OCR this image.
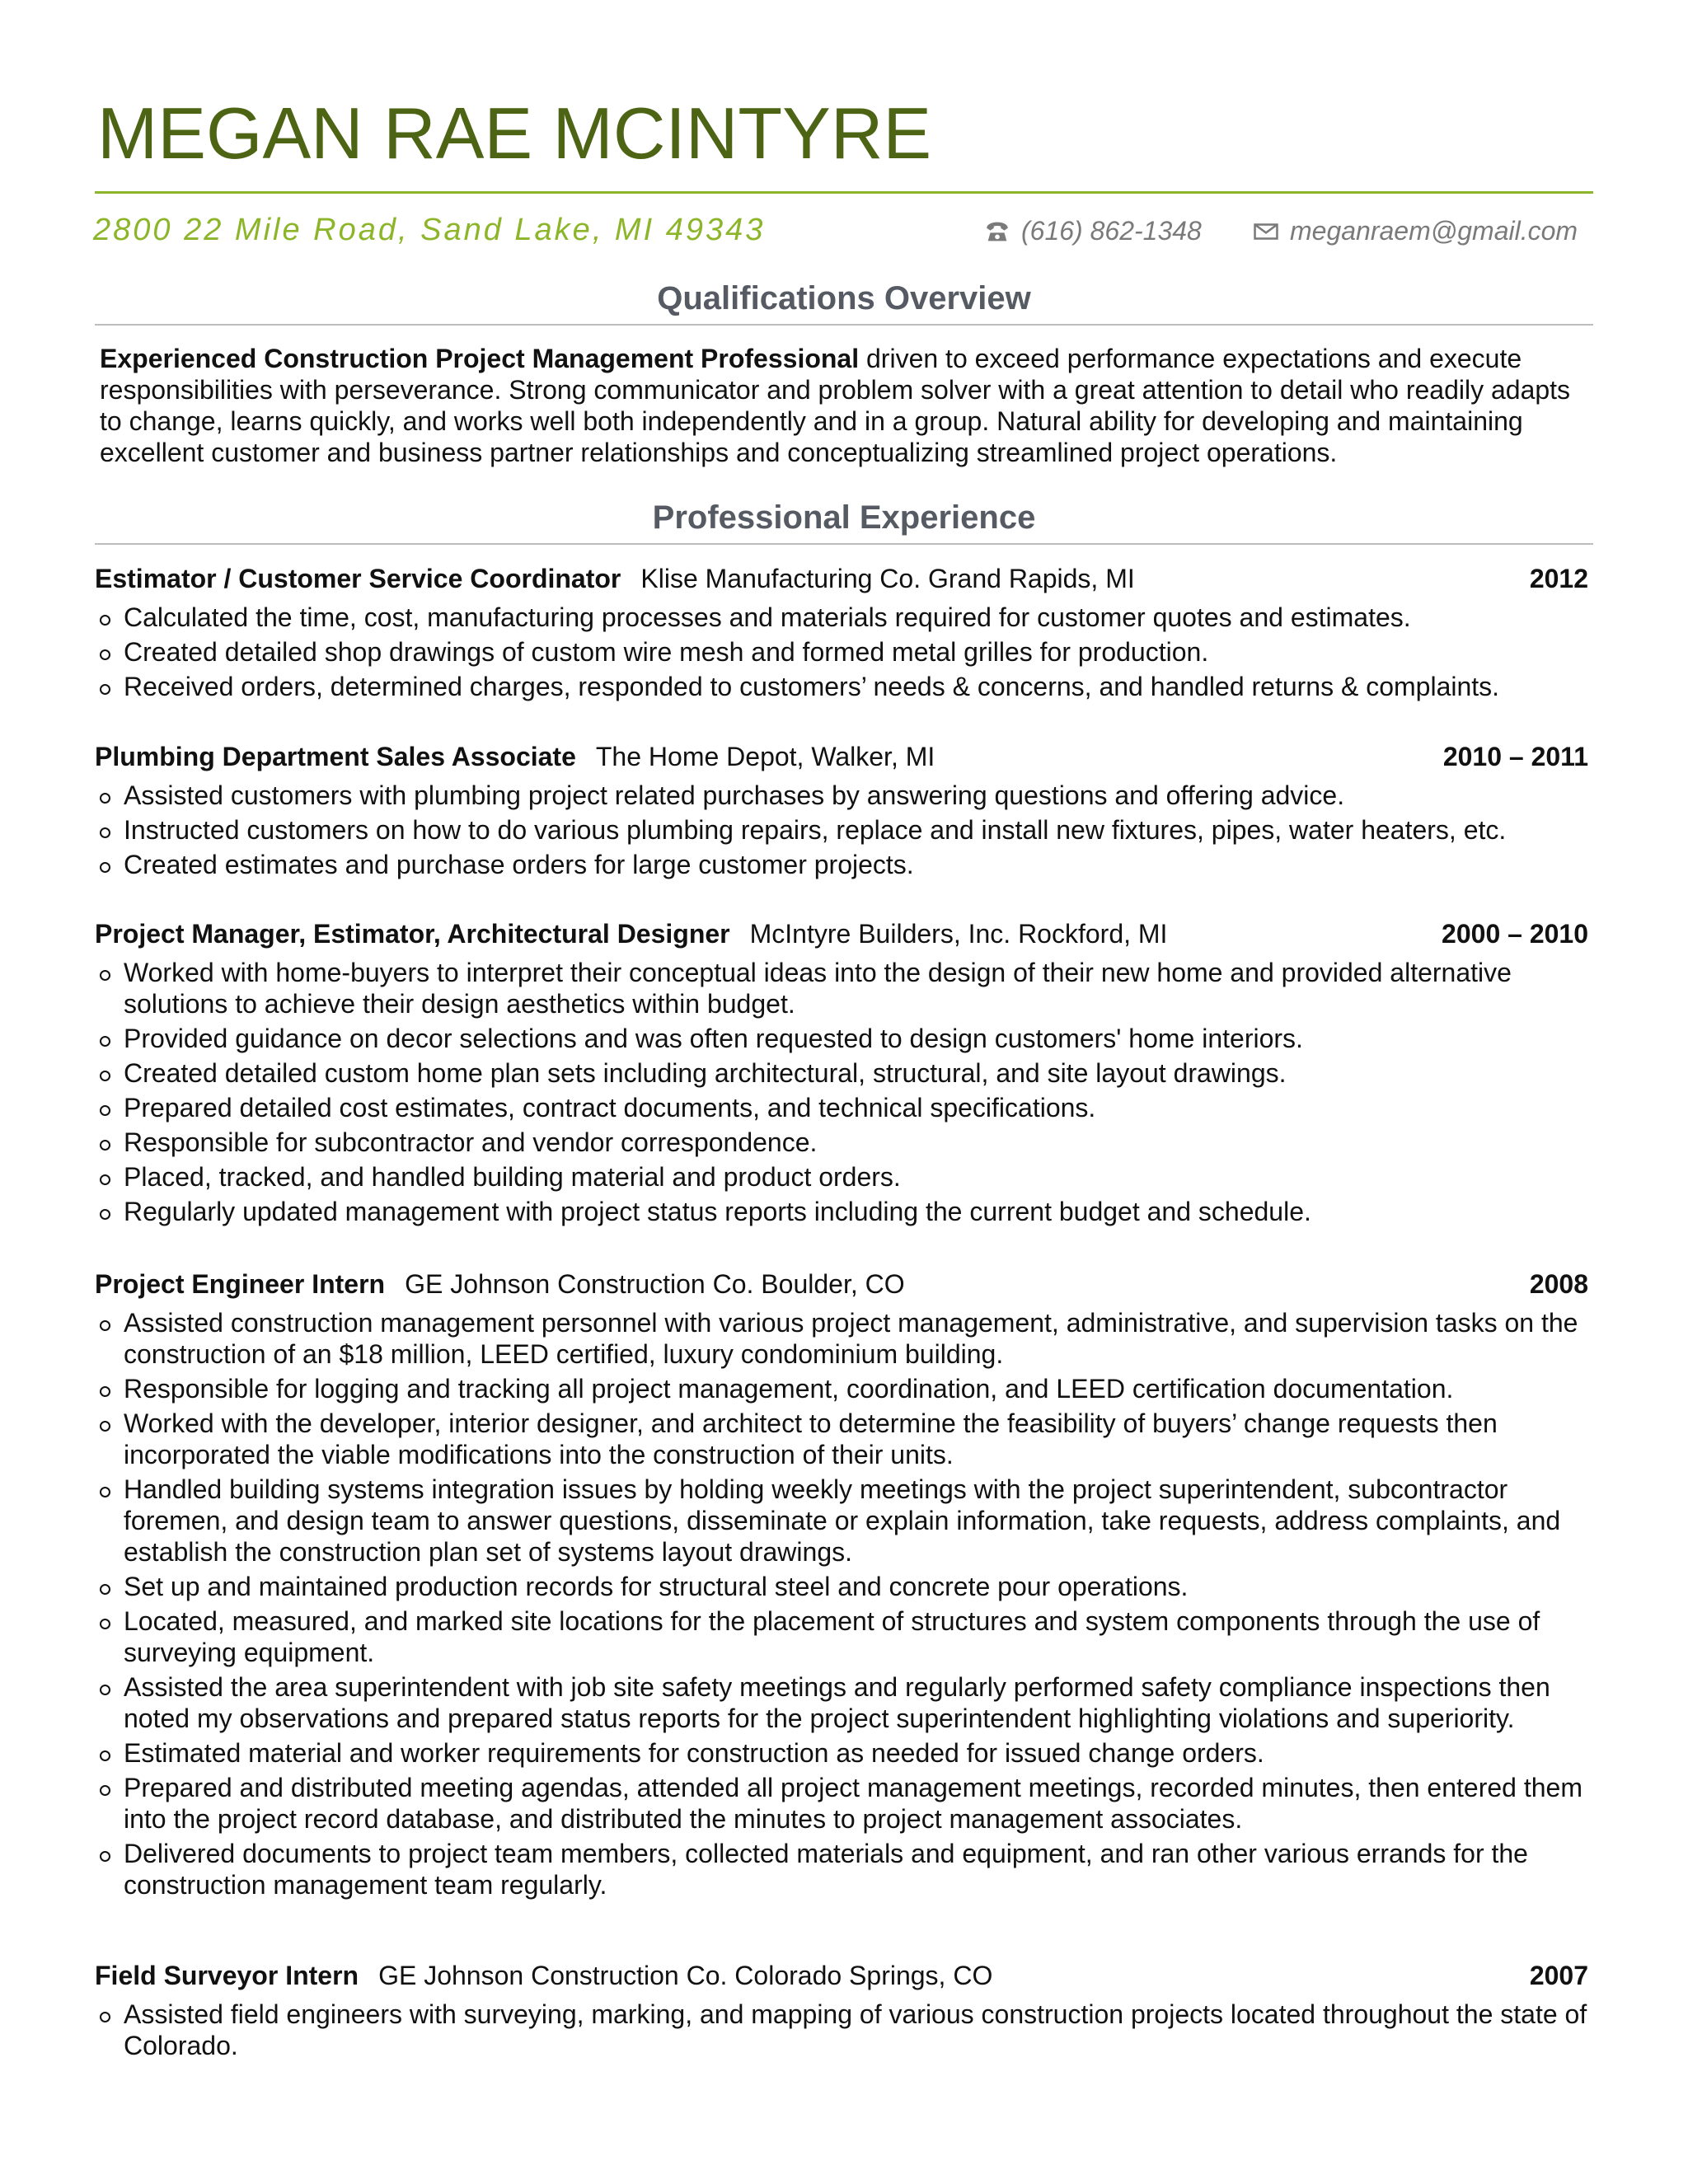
MEGAN RAE MCINTYRE
2800 22 Mile Road, Sand Lake, MI 49343	(616) 862-1348	meganraem@gmail.com
Qualifications Overview
Experienced Construction Project Management Professional driven to exceed performance expectations and execute responsibilities with perseverance. Strong communicator and problem solver with a great attention to detail who readily adapts to change, learns quickly, and works well both independently and in a group. Natural ability for developing and maintaining excellent customer and business partner relationships and conceptualizing streamlined project operations.
Professional Experience
Estimator / Customer Service Coordinator Klise Manufacturing Co. Grand Rapids, MI	2012
Calculated the time, cost, manufacturing processes and materials required for customer quotes and estimates.
Created detailed shop drawings of custom wire mesh and formed metal grilles for production.
Received orders, determined charges, responded to customers’ needs & concerns, and handled returns & complaints.
Plumbing Department Sales Associate The Home Depot, Walker, MI	2010 – 2011
Assisted customers with plumbing project related purchases by answering questions and offering advice.
Instructed customers on how to do various plumbing repairs, replace and install new fixtures, pipes, water heaters, etc.
Created estimates and purchase orders for large customer projects.
Project Manager, Estimator, Architectural Designer McIntyre Builders, Inc. Rockford, MI	2000 – 2010
Worked with home-buyers to interpret their conceptual ideas into the design of their new home and provided alternative solutions to achieve their design aesthetics within budget.
Provided guidance on decor selections and was often requested to design customers' home interiors.
Created detailed custom home plan sets including architectural, structural, and site layout drawings.
Prepared detailed cost estimates, contract documents, and technical specifications.
Responsible for subcontractor and vendor correspondence.
Placed, tracked, and handled building material and product orders.
Regularly updated management with project status reports including the current budget and schedule.
Project Engineer Intern GE Johnson Construction Co. Boulder, CO	2008
Assisted construction management personnel with various project management, administrative, and supervision tasks on the construction of an $18 million, LEED certified, luxury condominium building.
Responsible for logging and tracking all project management, coordination, and LEED certification documentation.
Worked with the developer, interior designer, and architect to determine the feasibility of buyers’ change requests then incorporated the viable modifications into the construction of their units.
Handled building systems integration issues by holding weekly meetings with the project superintendent, subcontractor foremen, and design team to answer questions, disseminate or explain information, take requests, address complaints, and establish the construction plan set of systems layout drawings.
Set up and maintained production records for structural steel and concrete pour operations.
Located, measured, and marked site locations for the placement of structures and system components through the use of surveying equipment.
Assisted the area superintendent with job site safety meetings and regularly performed safety compliance inspections then noted my observations and prepared status reports for the project superintendent highlighting violations and superiority.
Estimated material and worker requirements for construction as needed for issued change orders.
Prepared and distributed meeting agendas, attended all project management meetings, recorded minutes, then entered them into the project record database, and distributed the minutes to project management associates.
Delivered documents to project team members, collected materials and equipment, and ran other various errands for the construction management team regularly.
Field Surveyor Intern GE Johnson Construction Co. Colorado Springs, CO	2007
Assisted field engineers with surveying, marking, and mapping of various construction projects located throughout the state of Colorado.
